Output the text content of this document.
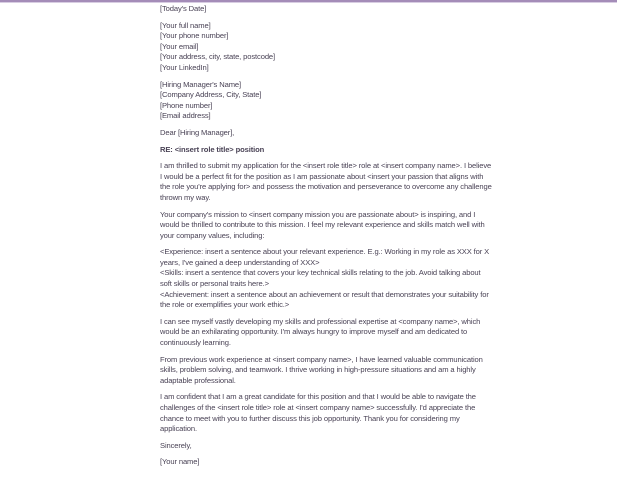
[Today's Date]

[Your full name]

[Your phone number]

[Your email]

[Your address, city, state, postcode]

[Your LinkedIn]

[Hiring Manager's Name]

[Company Address, City, State]

[Phone number]

[Email address]

Dear [Hiring Manager],

RE: <insert role title> position

I am thrilled to submit my application for the <insert role title> role at <insert company name>. I believe I would be a perfect fit for the position as I am passionate about <insert your passion that aligns with the role you're applying for> and possess the motivation and perseverance to overcome any challenge thrown my way.

Your company's mission to <insert company mission you are passionate about> is inspiring, and I would be thrilled to contribute to this mission. I feel my relevant experience and skills match well with your company values, including:

<Experience: insert a sentence about your relevant experience. E.g.: Working in my role as XXX for X years, I've gained a deep understanding of XXX>

<Skills: insert a sentence that covers your key technical skills relating to the job. Avoid talking about soft skills or personal traits here.>

<Achievement: insert a sentence about an achievement or result that demonstrates your suitability for the role or exemplifies your work ethic.>

I can see myself vastly developing my skills and professional expertise at <company name>, which would be an exhilarating opportunity. I'm always hungry to improve myself and am dedicated to continuously learning.

From previous work experience at <insert company name>, I have learned valuable communication skills, problem solving, and teamwork. I thrive working in high-pressure situations and am a highly adaptable professional.

I am confident that I am a great candidate for this position and that I would be able to navigate the challenges of the <insert role title> role at <insert company name> successfully. I'd appreciate the chance to meet with you to further discuss this job opportunity. Thank you for considering my application.

Sincerely,

[Your name]
